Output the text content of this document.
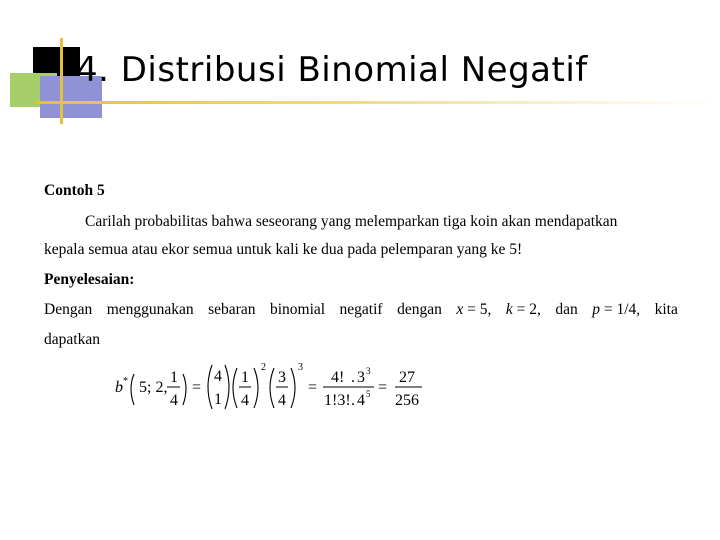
4. Distribusi Binomial Negatif
Contoh 5
Carilah probabilitas bahwa seseorang yang melemparkan tiga koin akan mendapatkan
kepala semua atau ekor semua untuk kali ke dua pada pelemparan yang ke 5!
Penyelesaian:
Dengan menggunakan sebaran binomial negatif dengan x = 5, k = 2, dan p = 1/4, kita
dapatkan
b * 5; 2,
1
4
=
4
1
1
4
2
3
4
3
=
4! . 3 3
1!3! . 4 5 =
27
256
